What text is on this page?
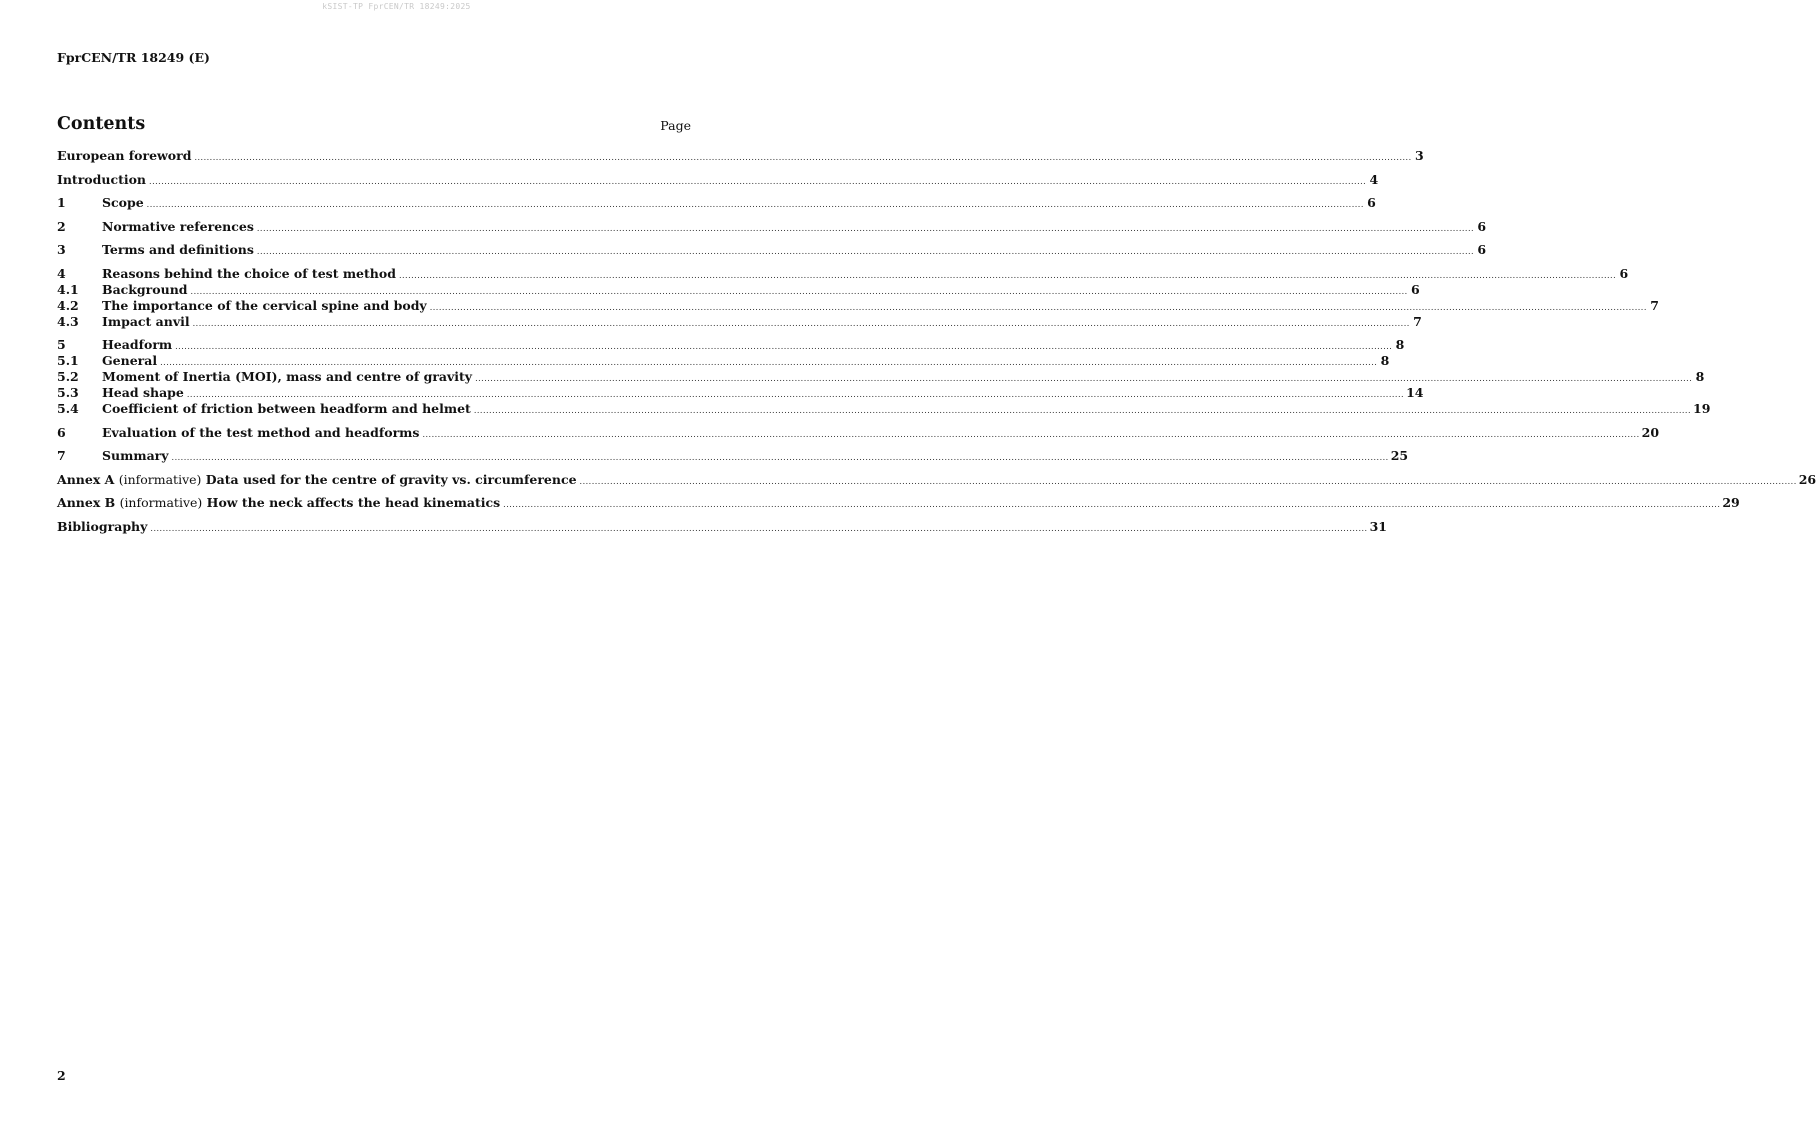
kSIST-TP FprCEN/TR 18249:2025
FprCEN/TR 18249 (E)
Contents	Page
European foreword ................................................................................................................................................................................................................................................................................................................................................................................................................ 3
Introduction ................................................................................................................................................................................................................................................................................................................................................................................................................ 4
1	Scope ................................................................................................................................................................................................................................................................................................................................................................................................................ 6
2	Normative references ................................................................................................................................................................................................................................................................................................................................................................................................................ 6
3	Terms and definitions ................................................................................................................................................................................................................................................................................................................................................................................................................ 6
4	Reasons behind the choice of test method ................................................................................................................................................................................................................................................................................................................................................................................................................ 6
4.1	Background ................................................................................................................................................................................................................................................................................................................................................................................................................ 6
4.2	The importance of the cervical spine and body ................................................................................................................................................................................................................................................................................................................................................................................................................ 7
4.3	Impact anvil ................................................................................................................................................................................................................................................................................................................................................................................................................ 7
5	Headform ................................................................................................................................................................................................................................................................................................................................................................................................................ 8
5.1	General ................................................................................................................................................................................................................................................................................................................................................................................................................ 8
5.2	Moment of Inertia (MOI), mass and centre of gravity ................................................................................................................................................................................................................................................................................................................................................................................................................ 8
5.3	Head shape ................................................................................................................................................................................................................................................................................................................................................................................................................ 14
5.4	Coefficient of friction between headform and helmet ................................................................................................................................................................................................................................................................................................................................................................................................................ 19
6	Evaluation of the test method and headforms ................................................................................................................................................................................................................................................................................................................................................................................................................ 20
7	Summary ................................................................................................................................................................................................................................................................................................................................................................................................................ 25
Annex A (informative) Data used for the centre of gravity vs. circumference ................................................................................................................................................................................................................................................................................................................................................................................................................ 26
Annex B (informative) How the neck affects the head kinematics ................................................................................................................................................................................................................................................................................................................................................................................................................ 29
Bibliography ................................................................................................................................................................................................................................................................................................................................................................................................................ 31
2
